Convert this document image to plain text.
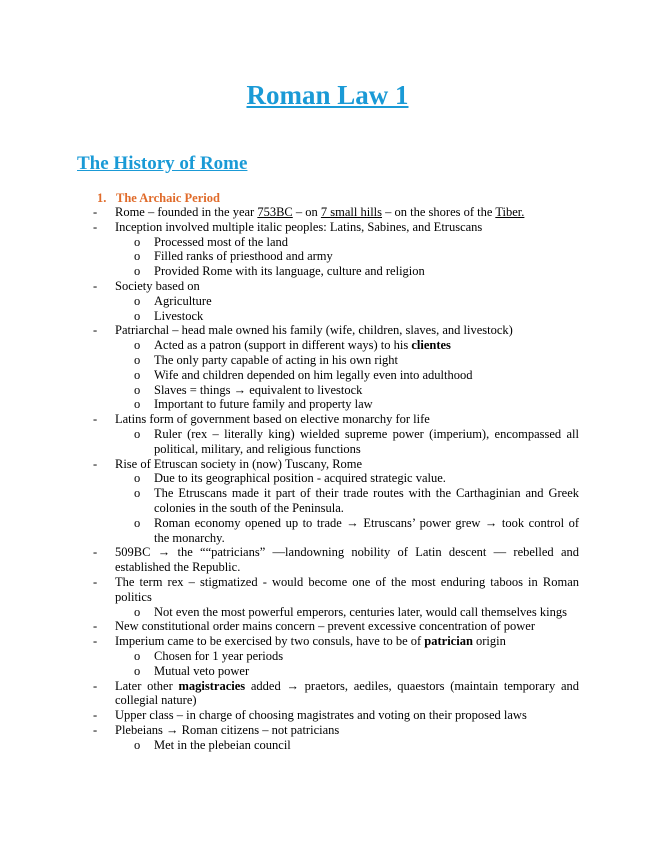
Roman Law 1
The History of Rome
1. The Archaic Period
- Rome – founded in the year 753BC – on 7 small hills – on the shores of the Tiber.
- Inception involved multiple italic peoples: Latins, Sabines, and Etruscans
o Processed most of the land
o Filled ranks of priesthood and army
o Provided Rome with its language, culture and religion
- Society based on
o Agriculture
o Livestock
- Patriarchal – head male owned his family (wife, children, slaves, and livestock)
o Acted as a patron (support in different ways) to his clientes
o The only party capable of acting in his own right
o Wife and children depended on him legally even into adulthood
o Slaves = things → equivalent to livestock
o Important to future family and property law
- Latins form of government based on elective monarchy for life
o Ruler (rex – literally king) wielded supreme power (imperium), encompassed all political, military, and religious functions
- Rise of Etruscan society in (now) Tuscany, Rome
o Due to its geographical position - acquired strategic value.
o The Etruscans made it part of their trade routes with the Carthaginian and Greek colonies in the south of the Peninsula.
o Roman economy opened up to trade → Etruscans’ power grew → took control of the monarchy.
- 509BC → the ““patricians” —landowning nobility of Latin descent — rebelled and established the Republic.
- The term rex – stigmatized - would become one of the most enduring taboos in Roman politics
o Not even the most powerful emperors, centuries later, would call themselves kings
- New constitutional order mains concern – prevent excessive concentration of power
- Imperium came to be exercised by two consuls, have to be of patrician origin
o Chosen for 1 year periods
o Mutual veto power
- Later other magistracies added → praetors, aediles, quaestors (maintain temporary and collegial nature)
- Upper class – in charge of choosing magistrates and voting on their proposed laws
- Plebeians → Roman citizens – not patricians
o Met in the plebeian council
